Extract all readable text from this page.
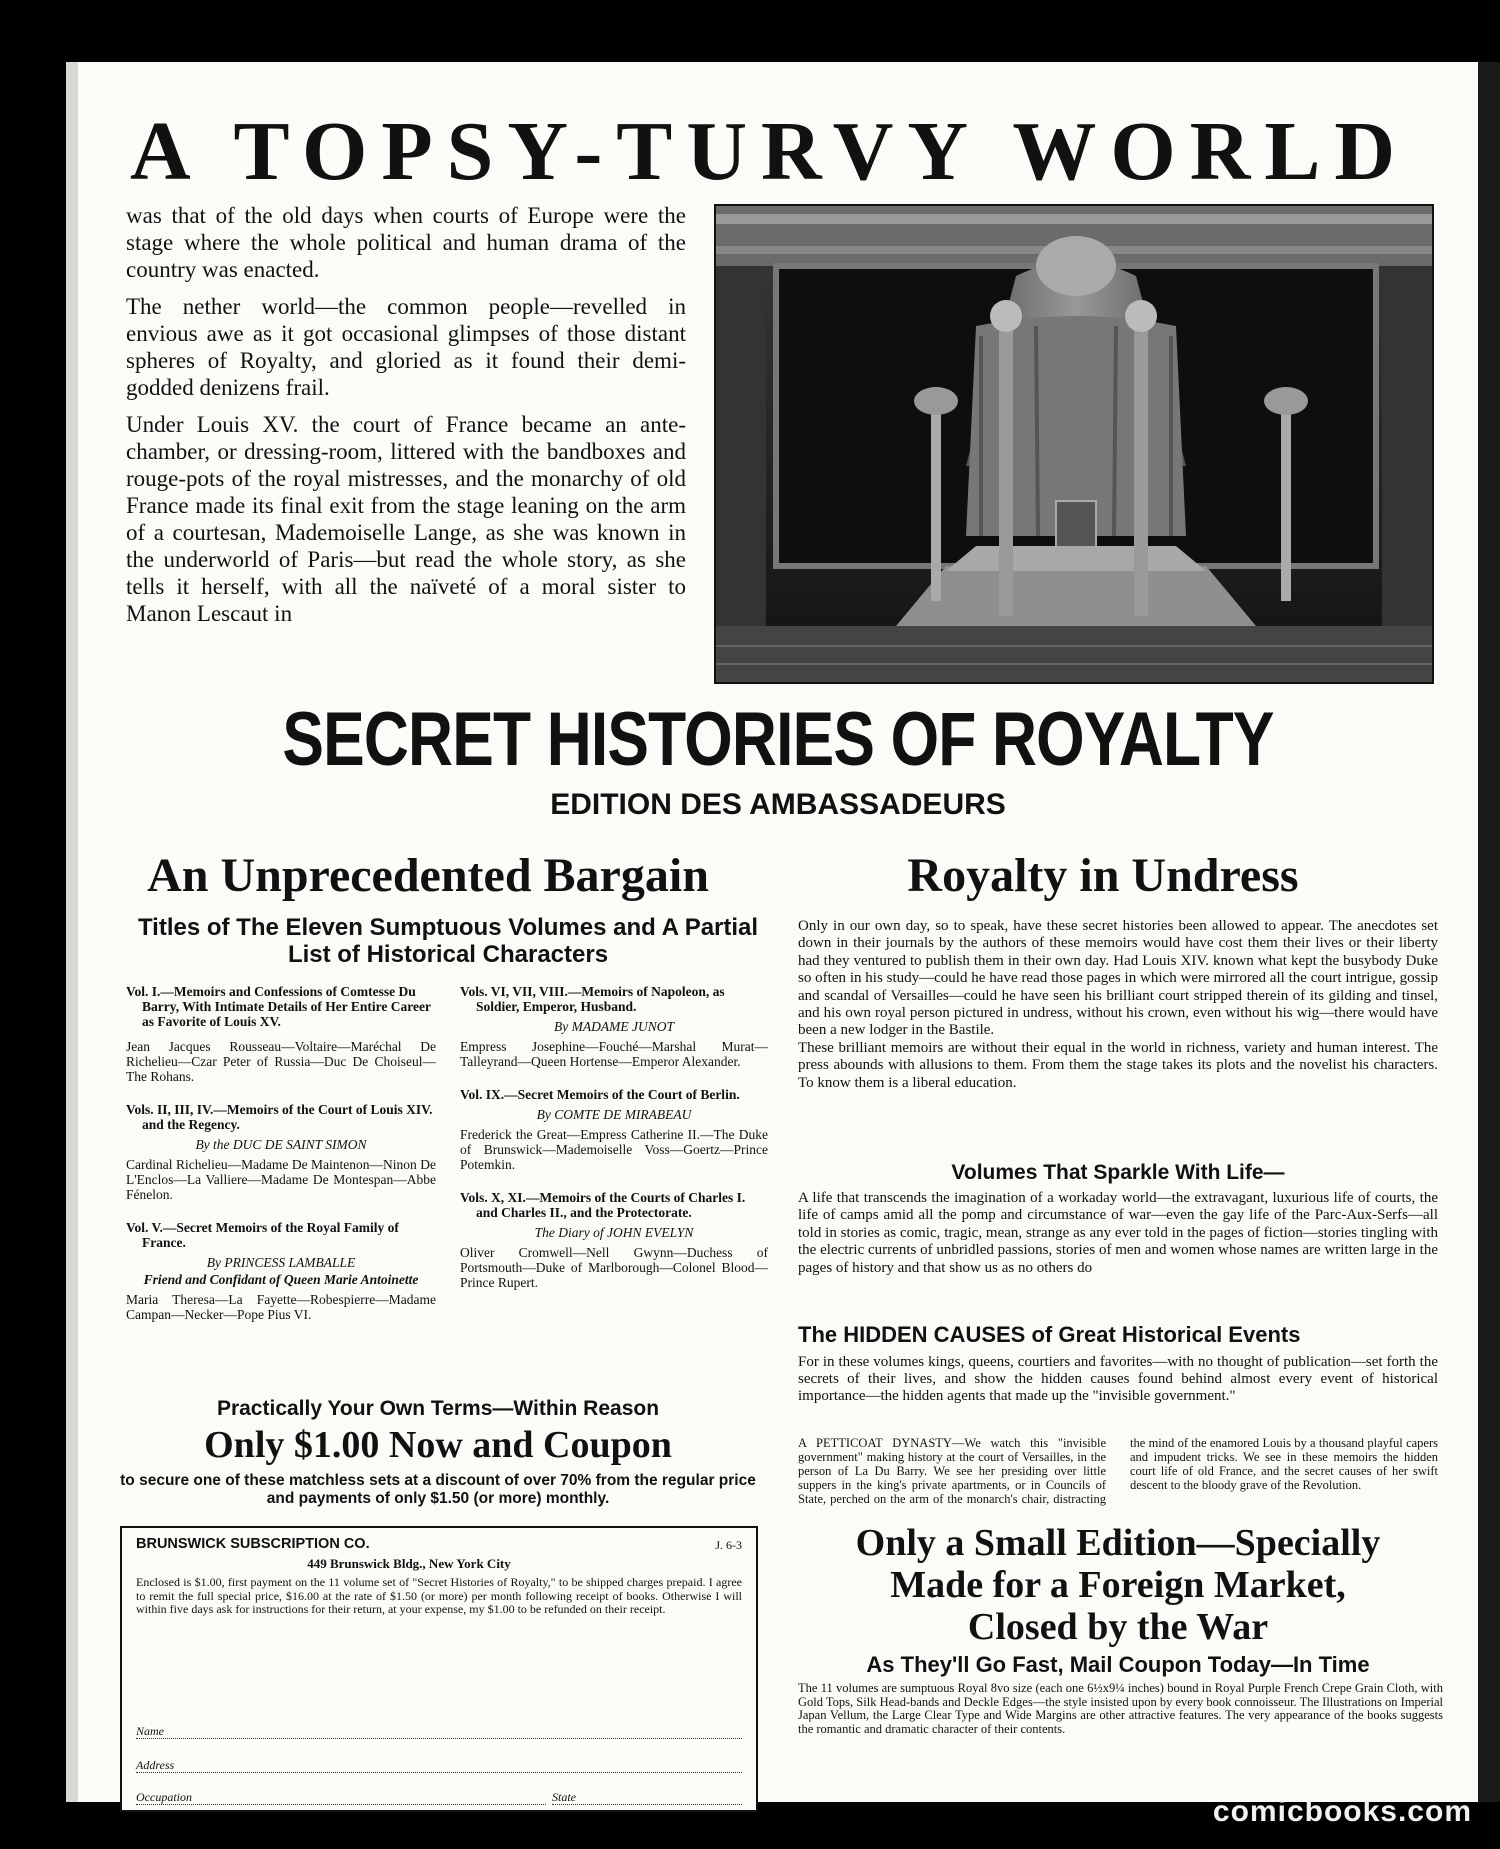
A TOPSY-TURVY WORLD

was that of the old days when courts of Europe were the stage where the whole political and human drama of the country was enacted.

The nether world—the common people—revelled in envious awe as it got occasional glimpses of those distant spheres of Royalty, and gloried as it found their demi-godded denizens frail.

Under Louis XV. the court of France became an ante-chamber, or dressing-room, littered with the bandboxes and rouge-pots of the royal mistresses, and the monarchy of old France made its final exit from the stage leaning on the arm of a courtesan, Mademoiselle Lange, as she was known in the underworld of Paris—but read the whole story, as she tells it herself, with all the naïveté of a moral sister to Manon Lescaut in

SECRET HISTORIES OF ROYALTY
EDITION DES AMBASSADEURS
An Unprecedented Bargain	Royalty in Undress
Titles of The Eleven Sumptuous Volumes and A Partial List of Historical Characters

Vol. I.—Memoirs and Confessions of Comtesse Du Barry, With Intimate Details of Her Entire Career as Favorite of Louis XV.

Jean Jacques Rousseau—Voltaire—Maréchal De Richelieu—Czar Peter of Russia—Duc De Choiseul—The Rohans.

Vols. II, III, IV.—Memoirs of the Court of Louis XIV. and the Regency.

By the DUC DE SAINT SIMON

Cardinal Richelieu—Madame De Maintenon—Ninon De L'Enclos—La Valliere—Madame De Montespan—Abbe Fénelon.

Vol. V.—Secret Memoirs of the Royal Family of France.

By PRINCESS LAMBALLE

Friend and Confidant of Queen Marie Antoinette

Maria Theresa—La Fayette—Robespierre—Madame Campan—Necker—Pope Pius VI.

Vols. VI, VII, VIII.—Memoirs of Napoleon, as Soldier, Emperor, Husband.

By MADAME JUNOT

Empress Josephine—Fouché—Marshal Murat—Talleyrand—Queen Hortense—Emperor Alexander.

Vol. IX.—Secret Memoirs of the Court of Berlin.

By COMTE DE MIRABEAU

Frederick the Great—Empress Catherine II.—The Duke of Brunswick—Mademoiselle Voss—Goertz—Prince Potemkin.

Vols. X, XI.—Memoirs of the Courts of Charles I. and Charles II., and the Protectorate.

The Diary of JOHN EVELYN

Oliver Cromwell—Nell Gwynn—Duchess of Portsmouth—Duke of Marlborough—Colonel Blood—Prince Rupert.

Only in our own day, so to speak, have these secret histories been allowed to appear. The anecdotes set down in their journals by the authors of these memoirs would have cost them their lives or their liberty had they ventured to publish them in their own day. Had Louis XIV. known what kept the busybody Duke so often in his study—could he have read those pages in which were mirrored all the court intrigue, gossip and scandal of Versailles—could he have seen his brilliant court stripped therein of its gilding and tinsel, and his own royal person pictured in undress, without his crown, even without his wig—there would have been a new lodger in the Bastile.

These brilliant memoirs are without their equal in the world in richness, variety and human interest. The press abounds with allusions to them. From them the stage takes its plots and the novelist his characters. To know them is a liberal education.

Volumes That Sparkle With Life—
A life that transcends the imagination of a workaday world—the extravagant, luxurious life of courts, the life of camps amid all the pomp and circumstance of war—even the gay life of the Parc-Aux-Serfs—all told in stories as comic, tragic, mean, strange as any ever told in the pages of fiction—stories tingling with the electric currents of unbridled passions, stories of men and women whose names are written large in the pages of history and that show us as no others do
The HIDDEN CAUSES of Great Historical Events
For in these volumes kings, queens, courtiers and favorites—with no thought of publication—set forth the secrets of their lives, and show the hidden causes found behind almost every event of historical importance—the hidden agents that made up the "invisible government."
A PETTICOAT DYNASTY—We watch this "invisible government" making history at the court of Versailles, in the person of La Du Barry. We see her presiding over little suppers in the king's private apartments, or in Councils of State, perched on the arm of the monarch's chair, distracting the mind of the enamored Louis by a thousand playful capers and impudent tricks. We see in these memoirs the hidden court life of old France, and the secret causes of her swift descent to the bloody grave of the Revolution.
Only a Small Edition—Specially
Made for a Foreign Market,
Closed by the War
As They'll Go Fast, Mail Coupon Today—In Time
The 11 volumes are sumptuous Royal 8vo size (each one 6½x9¼ inches) bound in Royal Purple French Crepe Grain Cloth, with Gold Tops, Silk Head-bands and Deckle Edges—the style insisted upon by every book connoisseur. The Illustrations on Imperial Japan Vellum, the Large Clear Type and Wide Margins are other attractive features. The very appearance of the books suggests the romantic and dramatic character of their contents.
Practically Your Own Terms—Within Reason
Only $1.00 Now and Coupon
to secure one of these matchless sets at a discount of over 70% from the regular price and payments of only $1.50 (or more) monthly.
BRUNSWICK SUBSCRIPTION CO.	J. 6-3
449 Brunswick Bldg., New York City
Enclosed is $1.00, first payment on the 11 volume set of "Secret Histories of Royalty," to be shipped charges prepaid. I agree to remit the full special price, $16.00 at the rate of $1.50 (or more) per month following receipt of books. Otherwise I will within five days ask for instructions for their return, at your expense, my $1.00 to be refunded on their receipt.
Name
Address
Occupation	State	comicbooks.com
